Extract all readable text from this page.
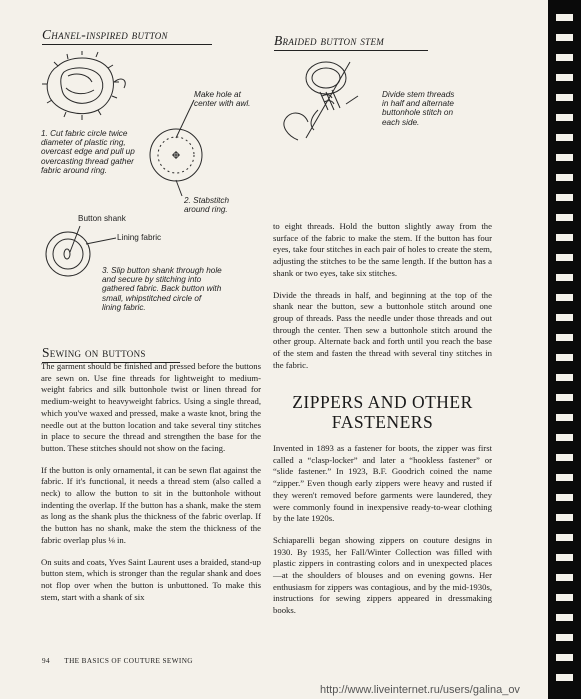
Chanel-inspired button
1. Cut fabric circle twice diameter of plastic ring, overcast edge and pull up overcasting thread gather fabric around ring.
Make hole at center with awl.
2. Stabstitch around ring.
Button shank
Lining fabric
3. Slip button shank through hole and secure by stitching into gathered fabric. Back button with small, whipstitched circle of lining fabric.
Sewing on buttons

The garment should be finished and pressed before the buttons are sewn on. Use fine threads for lightweight to medium-weight fabrics and silk buttonhole twist or linen thread for medium-weight to heavyweight fabrics. Using a single thread, which you've waxed and pressed, make a waste knot, bring the needle out at the button location and take several tiny stitches in place to secure the thread and strengthen the base for the button. These stitches should not show on the facing.

If the button is only ornamental, it can be sewn flat against the fabric. If it's functional, it needs a thread stem (also called a neck) to allow the button to sit in the buttonhole without indenting the overlap. If the button has a shank, make the stem as long as the shank plus the thickness of the fabric overlap. If the button has no shank, make the stem the thickness of the fabric overlap plus ⅛ in.

On suits and coats, Yves Saint Laurent uses a braided, stand-up button stem, which is stronger than the regular shank and does not flop over when the button is unbuttoned. To make this stem, start with a shank of six

Braided button stem
Divide stem threads in half and alternate buttonhole stitch on each side.

to eight threads. Hold the button slightly away from the surface of the fabric to make the stem. If the button has four eyes, take four stitches in each pair of holes to create the stem, adjusting the stitches to be the same length. If the button has a shank or two eyes, take six stitches.

Divide the threads in half, and beginning at the top of the shank near the button, sew a buttonhole stitch around one group of threads. Pass the needle under those threads and out through the center. Then sew a buttonhole stitch around the other group. Alternate back and forth until you reach the base of the stem and fasten the thread with several tiny stitches in the fabric.

ZIPPERS AND OTHER FASTENERS

Invented in 1893 as a fastener for boots, the zipper was first called a “clasp-locker” and later a “hookless fastener” or “slide fastener.” In 1923, B.F. Goodrich coined the name “zipper.” Even though early zippers were heavy and rusted if they weren't removed before garments were laundered, they were commonly found in inexpensive ready-to-wear clothing by the late 1920s.

Schiaparelli began showing zippers on couture designs in 1930. By 1935, her Fall/Winter Collection was filled with plastic zippers in contrasting colors and in unexpected places—at the shoulders of blouses and on evening gowns. Her enthusiasm for zippers was contagious, and by the mid-1930s, instructions for sewing zippers appeared in dressmaking books.

94 THE BASICS OF COUTURE SEWING
http://www.liveinternet.ru/users/galina_ov
